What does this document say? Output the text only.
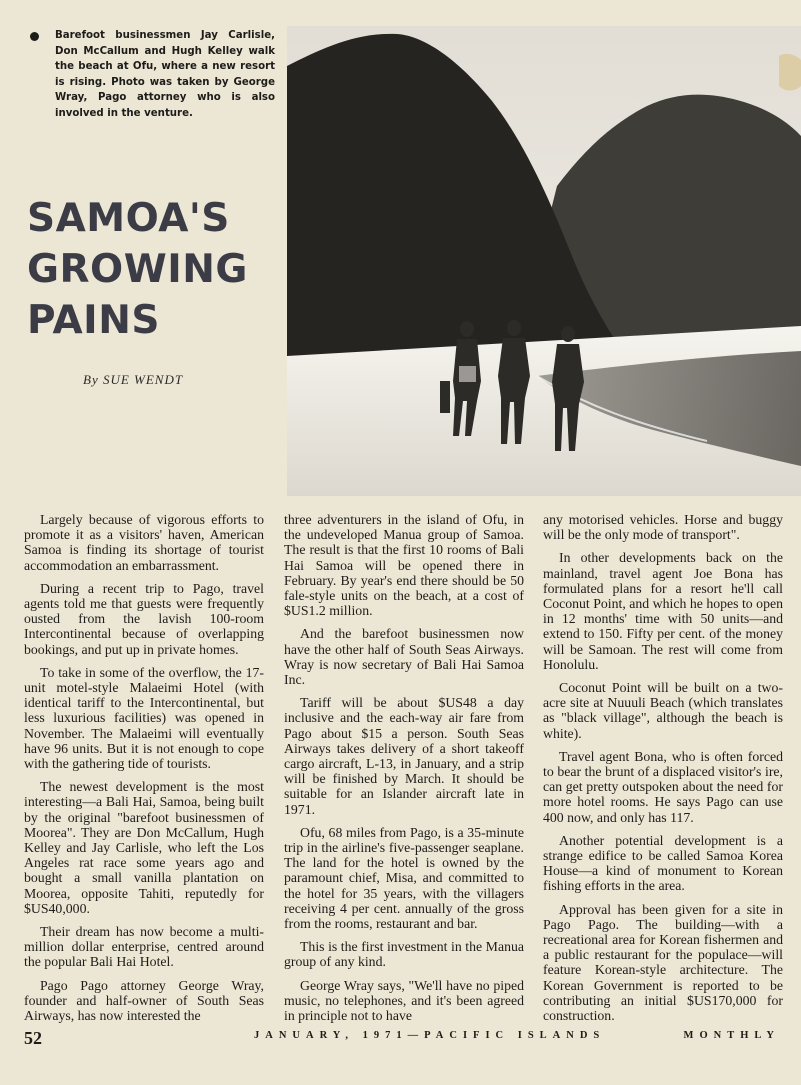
Barefoot businessmen Jay Carlisle, Don McCallum and Hugh Kelley walk the beach at Ofu, where a new resort is rising. Photo was taken by George Wray, Pago attorney who is also involved in the venture.

SAMOA'S
GROWING
PAINS
By SUE WENDT

Largely because of vigorous efforts to promote it as a visitors' haven, American Samoa is finding its shortage of tourist accommodation an embarrassment.

During a recent trip to Pago, travel agents told me that guests were frequently ousted from the lavish 100-room Intercontinental because of overlapping bookings, and put up in private homes.

To take in some of the overflow, the 17-unit motel-style Malaeimi Hotel (with identical tariff to the Intercontinental, but less luxurious facilities) was opened in November. The Malaeimi will eventually have 96 units. But it is not enough to cope with the gathering tide of tourists.

The newest development is the most interesting—a Bali Hai, Samoa, being built by the original "barefoot businessmen of Moorea". They are Don McCallum, Hugh Kelley and Jay Carlisle, who left the Los Angeles rat race some years ago and bought a small vanilla plantation on Moorea, opposite Tahiti, reputedly for $US40,000.

Their dream has now become a multi-million dollar enterprise, centred around the popular Bali Hai Hotel.

Pago Pago attorney George Wray, founder and half-owner of South Seas Airways, has now interested the

three adventurers in the island of Ofu, in the undeveloped Manua group of Samoa. The result is that the first 10 rooms of Bali Hai Samoa will be opened there in February. By year's end there should be 50 fale-style units on the beach, at a cost of $US1.2 million.

And the barefoot businessmen now have the other half of South Seas Airways. Wray is now secretary of Bali Hai Samoa Inc.

Tariff will be about $US48 a day inclusive and the each-way air fare from Pago about $15 a person. South Seas Airways takes delivery of a short takeoff cargo aircraft, L-13, in January, and a strip will be finished by March. It should be suitable for an Islander aircraft late in 1971.

Ofu, 68 miles from Pago, is a 35-minute trip in the airline's five-passenger seaplane. The land for the hotel is owned by the paramount chief, Misa, and committed to the hotel for 35 years, with the villagers receiving 4 per cent. annually of the gross from the rooms, restaurant and bar.

This is the first investment in the Manua group of any kind.

George Wray says, "We'll have no piped music, no telephones, and it's been agreed in principle not to have

any motorised vehicles. Horse and buggy will be the only mode of transport".

In other developments back on the mainland, travel agent Joe Bona has formulated plans for a resort he'll call Coconut Point, and which he hopes to open in 12 months' time with 50 units—and extend to 150. Fifty per cent. of the money will be Samoan. The rest will come from Honolulu.

Coconut Point will be built on a two-acre site at Nuuuli Beach (which translates as "black village", although the beach is white).

Travel agent Bona, who is often forced to bear the brunt of a displaced visitor's ire, can get pretty outspoken about the need for more hotel rooms. He says Pago can use 400 now, and only has 117.

Another potential development is a strange edifice to be called Samoa Korea House—a kind of monument to Korean fishing efforts in the area.

Approval has been given for a site in Pago Pago. The building—with a recreational area for Korean fishermen and a public restaurant for the populace—will feature Korean-style architecture. The Korean Government is reported to be contributing an initial $US170,000 for construction.

52	JANUARY, 1971—PACIFIC ISLANDS	MONTHLY
